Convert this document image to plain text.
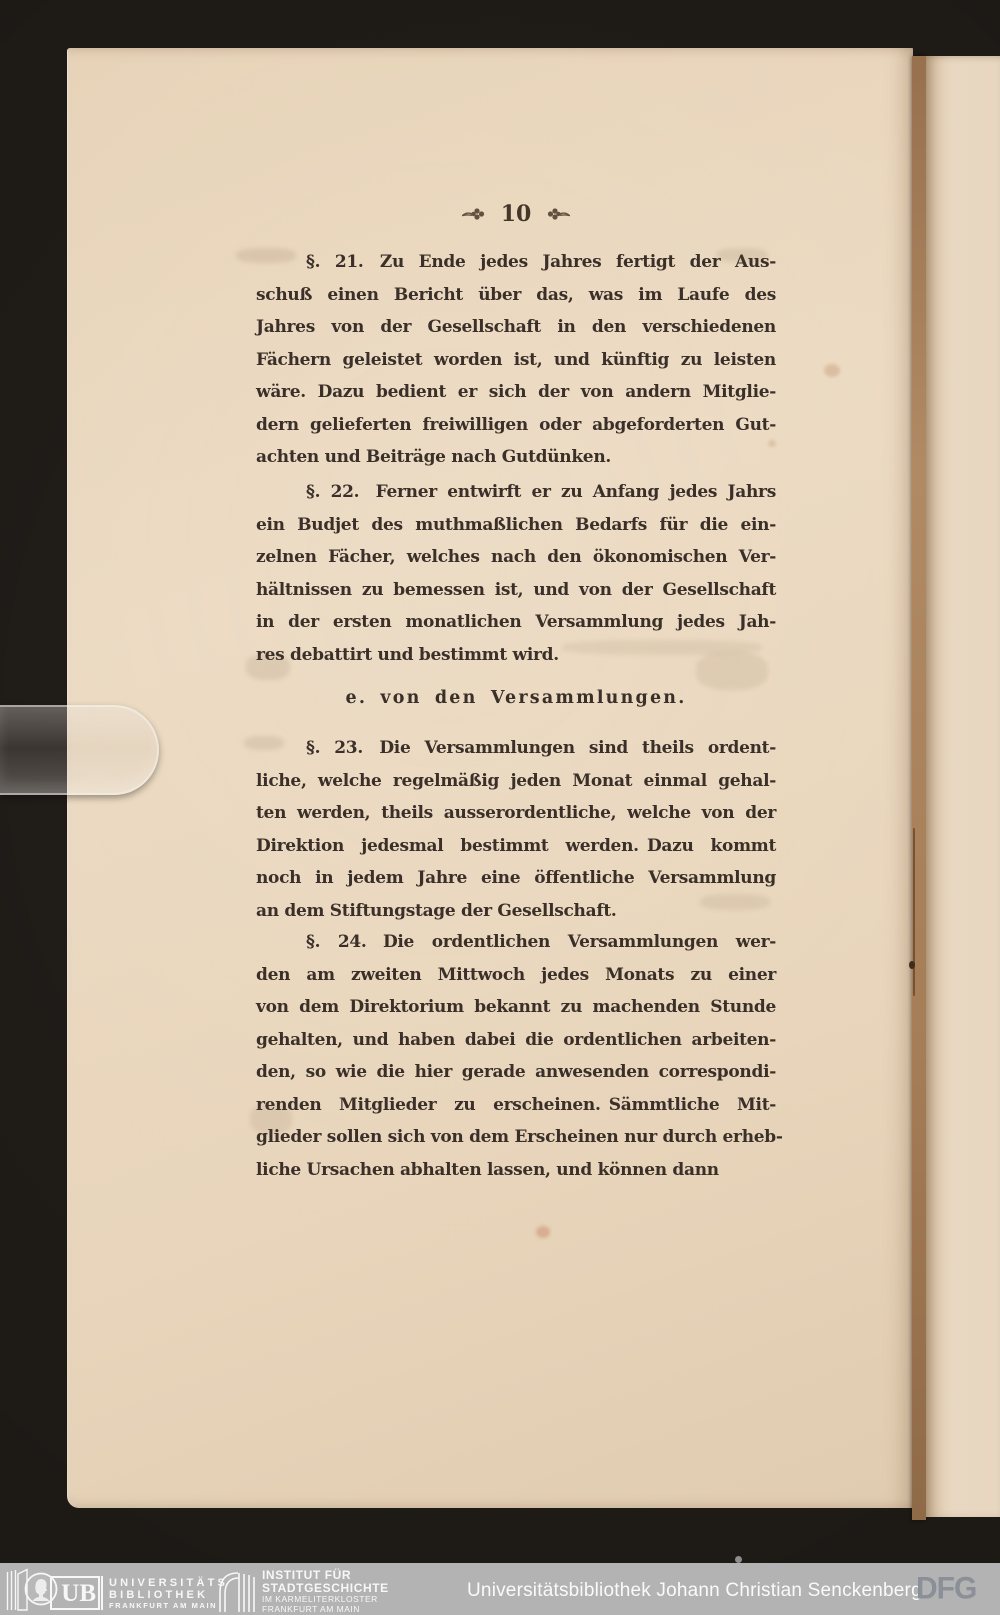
10
§. 21.  Zu Ende jedes Jahres fertigt der Aus-
schuß einen Bericht über das, was im Laufe des
Jahres von der Gesellschaft in den verschiedenen
Fächern geleistet worden ist, und künftig zu leisten
wäre. Dazu bedient er sich der von andern Mitglie-
dern gelieferten freiwilligen oder abgeforderten Gut-
achten und Beiträge nach Gutdünken.
§. 22.  Ferner entwirft er zu Anfang jedes Jahrs
ein Budjet des muthmaßlichen Bedarfs für die ein-
zelnen Fächer, welches nach den ökonomischen Ver-
hältnissen zu bemessen ist, und von der Gesellschaft
in der ersten monatlichen Versammlung jedes Jah-
res debattirt und bestimmt wird.
e. von den Versammlungen.
§. 23.  Die Versammlungen sind theils ordent-
liche, welche regelmäßig jeden Monat einmal gehal-
ten werden, theils ausserordentliche, welche von der
Direktion jedesmal bestimmt werden. Dazu kommt
noch in jedem Jahre eine öffentliche Versammlung
an dem Stiftungstage der Gesellschaft.
§. 24.  Die ordentlichen Versammlungen wer-
den am zweiten Mittwoch jedes Monats zu einer
von dem Direktorium bekannt zu machenden Stunde
gehalten, und haben dabei die ordentlichen arbeiten-
den, so wie die hier gerade anwesenden correspondi-
renden Mitglieder zu erscheinen. Sämmtliche Mit-
glieder sollen sich von dem Erscheinen nur durch erheb-
liche Ursachen abhalten lassen, und können dann
UB UNIVERSITÄTS
BIBLIOTHEK
FRANKFURT AM MAIN
INSTITUT FÜR
STADTGESCHICHTE
IM KARMELITERKLOSTER
FRANKFURT AM MAIN
Universitätsbibliothek Johann Christian Senckenberg
DFG
